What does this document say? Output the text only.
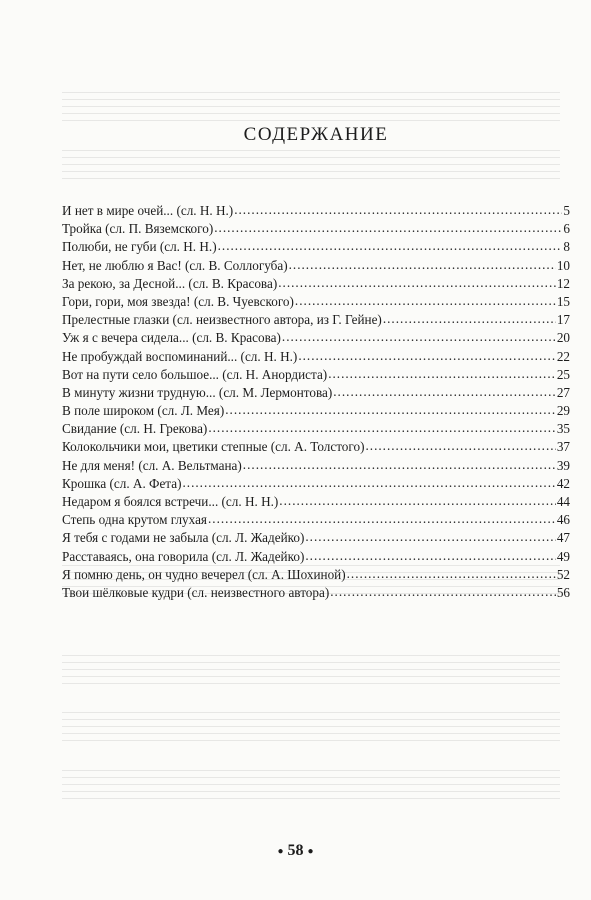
СОДЕРЖАНИЕ
И нет в мире очей... (сл. Н. Н.) .....	5
Тройка (сл. П. Вяземского) .....	6
Полюби, не губи (сл. Н. Н.) .....	8
Нет, не люблю я Вас! (сл. В. Соллогуба) .....	10
За рекою, за Десной... (сл. В. Красова) .....	12
Гори, гори, моя звезда! (сл. В. Чуевского) .....	15
Прелестные глазки (сл. неизвестного автора, из Г. Гейне) .....	17
Уж я с вечера сидела... (сл. В. Красова) .....	20
Не пробуждай воспоминаний... (сл. Н. Н.) .....	22
Вот на пути село большое... (сл. Н. Анордиста) .....	25
В минуту жизни трудную... (сл. М. Лермонтова) .....	27
В поле широком (сл. Л. Мея) .....	29
Свидание (сл. Н. Грекова) .....	35
Колокольчики мои, цветики степные (сл. А. Толстого) .....	37
Не для меня! (сл. А. Вельтмана) .....	39
Крошка (сл. А. Фета) .....	42
Недаром я боялся встречи... (сл. Н. Н.) .....	44
Степь одна крутом глухая .....	46
Я тебя с годами не забыла (сл. Л. Жадейко) .....	47
Расставаясь, она говорила (сл. Л. Жадейко) .....	49
Я помню день, он чудно вечерел (сл. А. Шохиной) .....	52
Твои шёлковые кудри (сл. неизвестного автора) .....	56
● 58 ●
